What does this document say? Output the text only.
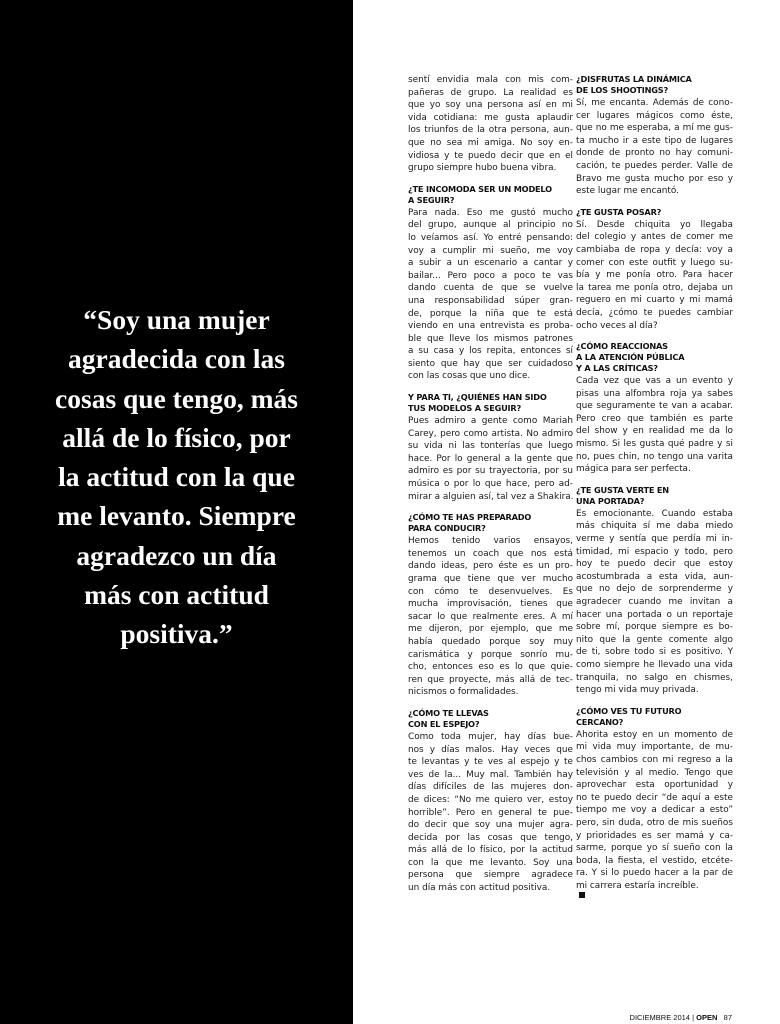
“Soy una mujer
agradecida con las
cosas que tengo, más
allá de lo físico, por
la actitud con la que
me levanto. Siempre
agradezco un día
más con actitud
positiva.”
sentí envidia mala con mis com-
pañeras de grupo. La realidad es
que yo soy una persona así en mi
vida cotidiana: me gusta aplaudir
los triunfos de la otra persona, aun-
que no sea mi amiga. No soy en-
vidiosa y te puedo decir que en el
grupo siempre hubo buena vibra.
¿TE INCOMODA SER UN MODELO
A SEGUIR?
Para nada. Eso me gustó mucho
del grupo, aunque al principio no
lo veíamos así. Yo entré pensando:
voy a cumplir mi sueño, me voy
a subir a un escenario a cantar y
bailar... Pero poco a poco te vas
dando cuenta de que se vuelve
una responsabilidad súper gran-
de, porque la niña que te está
viendo en una entrevista es proba-
ble que lleve los mismos patrones
a su casa y los repita, entonces sí
siento que hay que ser cuidadoso
con las cosas que uno dice.
Y PARA TI, ¿QUIÉNES HAN SIDO
TUS MODELOS A SEGUIR?
Pues admiro a gente como Mariah
Carey, pero como artista. No admiro
su vida ni las tonterías que luego
hace. Por lo general a la gente que
admiro es por su trayectoria, por su
música o por lo que hace, pero ad-
mirar a alguien así, tal vez a Shakira.
¿CÓMO TE HAS PREPARADO
PARA CONDUCIR?
Hemos tenido varios ensayos,
tenemos un coach que nos está
dando ideas, pero éste es un pro-
grama que tiene que ver mucho
con cómo te desenvuelves. Es
mucha improvisación, tienes que
sacar lo que realmente eres. A mí
me dijeron, por ejemplo, que me
había quedado porque soy muy
carismática y porque sonrío mu-
cho, entonces eso es lo que quie-
ren que proyecte, más allá de tec-
nicismos o formalidades.
¿CÓMO TE LLEVAS
CON EL ESPEJO?
Como toda mujer, hay días bue-
nos y días malos. Hay veces que
te levantas y te ves al espejo y te
ves de la... Muy mal. También hay
días difíciles de las mujeres don-
de dices: “No me quiero ver, estoy
horrible”. Pero en general te pue-
do decir que soy una mujer agra-
decida por las cosas que tengo,
más allá de lo físico, por la actitud
con la que me levanto. Soy una
persona que siempre agradece
un día más con actitud positiva.
¿DISFRUTAS LA DINÁMICA
DE LOS SHOOTINGS?
Sí, me encanta. Además de cono-
cer lugares mágicos como éste,
que no me esperaba, a mí me gus-
ta mucho ir a este tipo de lugares
donde de pronto no hay comuni-
cación, te puedes perder. Valle de
Bravo me gusta mucho por eso y
este lugar me encantó.
¿TE GUSTA POSAR?
Sí. Desde chiquita yo llegaba
del colegio y antes de comer me
cambiaba de ropa y decía: voy a
comer con este outfit y luego su-
bía y me ponía otro. Para hacer
la tarea me ponía otro, dejaba un
reguero en mi cuarto y mi mamá
decía, ¿cómo te puedes cambiar
ocho veces al día?
¿CÓMO REACCIONAS
A LA ATENCIÓN PÚBLICA
Y A LAS CRÍTICAS?
Cada vez que vas a un evento y
pisas una alfombra roja ya sabes
que seguramente te van a acabar.
Pero creo que también es parte
del show y en realidad me da lo
mismo. Si les gusta qué padre y si
no, pues chin, no tengo una varita
mágica para ser perfecta.
¿TE GUSTA VERTE EN
UNA PORTADA?
Es emocionante. Cuando estaba
más chiquita sí me daba miedo
verme y sentía que perdía mi in-
timidad, mi espacio y todo, pero
hoy te puedo decir que estoy
acostumbrada a esta vida, aun-
que no dejo de sorprenderme y
agradecer cuando me invitan a
hacer una portada o un reportaje
sobre mí, porque siempre es bo-
nito que la gente comente algo
de ti, sobre todo si es positivo. Y
como siempre he llevado una vida
tranquila, no salgo en chismes,
tengo mi vida muy privada.
¿CÓMO VES TU FUTURO
CERCANO?
Ahorita estoy en un momento de
mi vida muy importante, de mu-
chos cambios con mi regreso a la
televisión y al medio. Tengo que
aprovechar esta oportunidad y
no te puedo decir “de aquí a este
tiempo me voy a dedicar a esto”
pero, sin duda, otro de mis sueños
y prioridades es ser mamá y ca-
sarme, porque yo sí sueño con la
boda, la fiesta, el vestido, etcéte-
ra. Y si lo puedo hacer a la par de
mi carrera estaría increíble.
DICIEMBRE 2014 | OPEN 87
